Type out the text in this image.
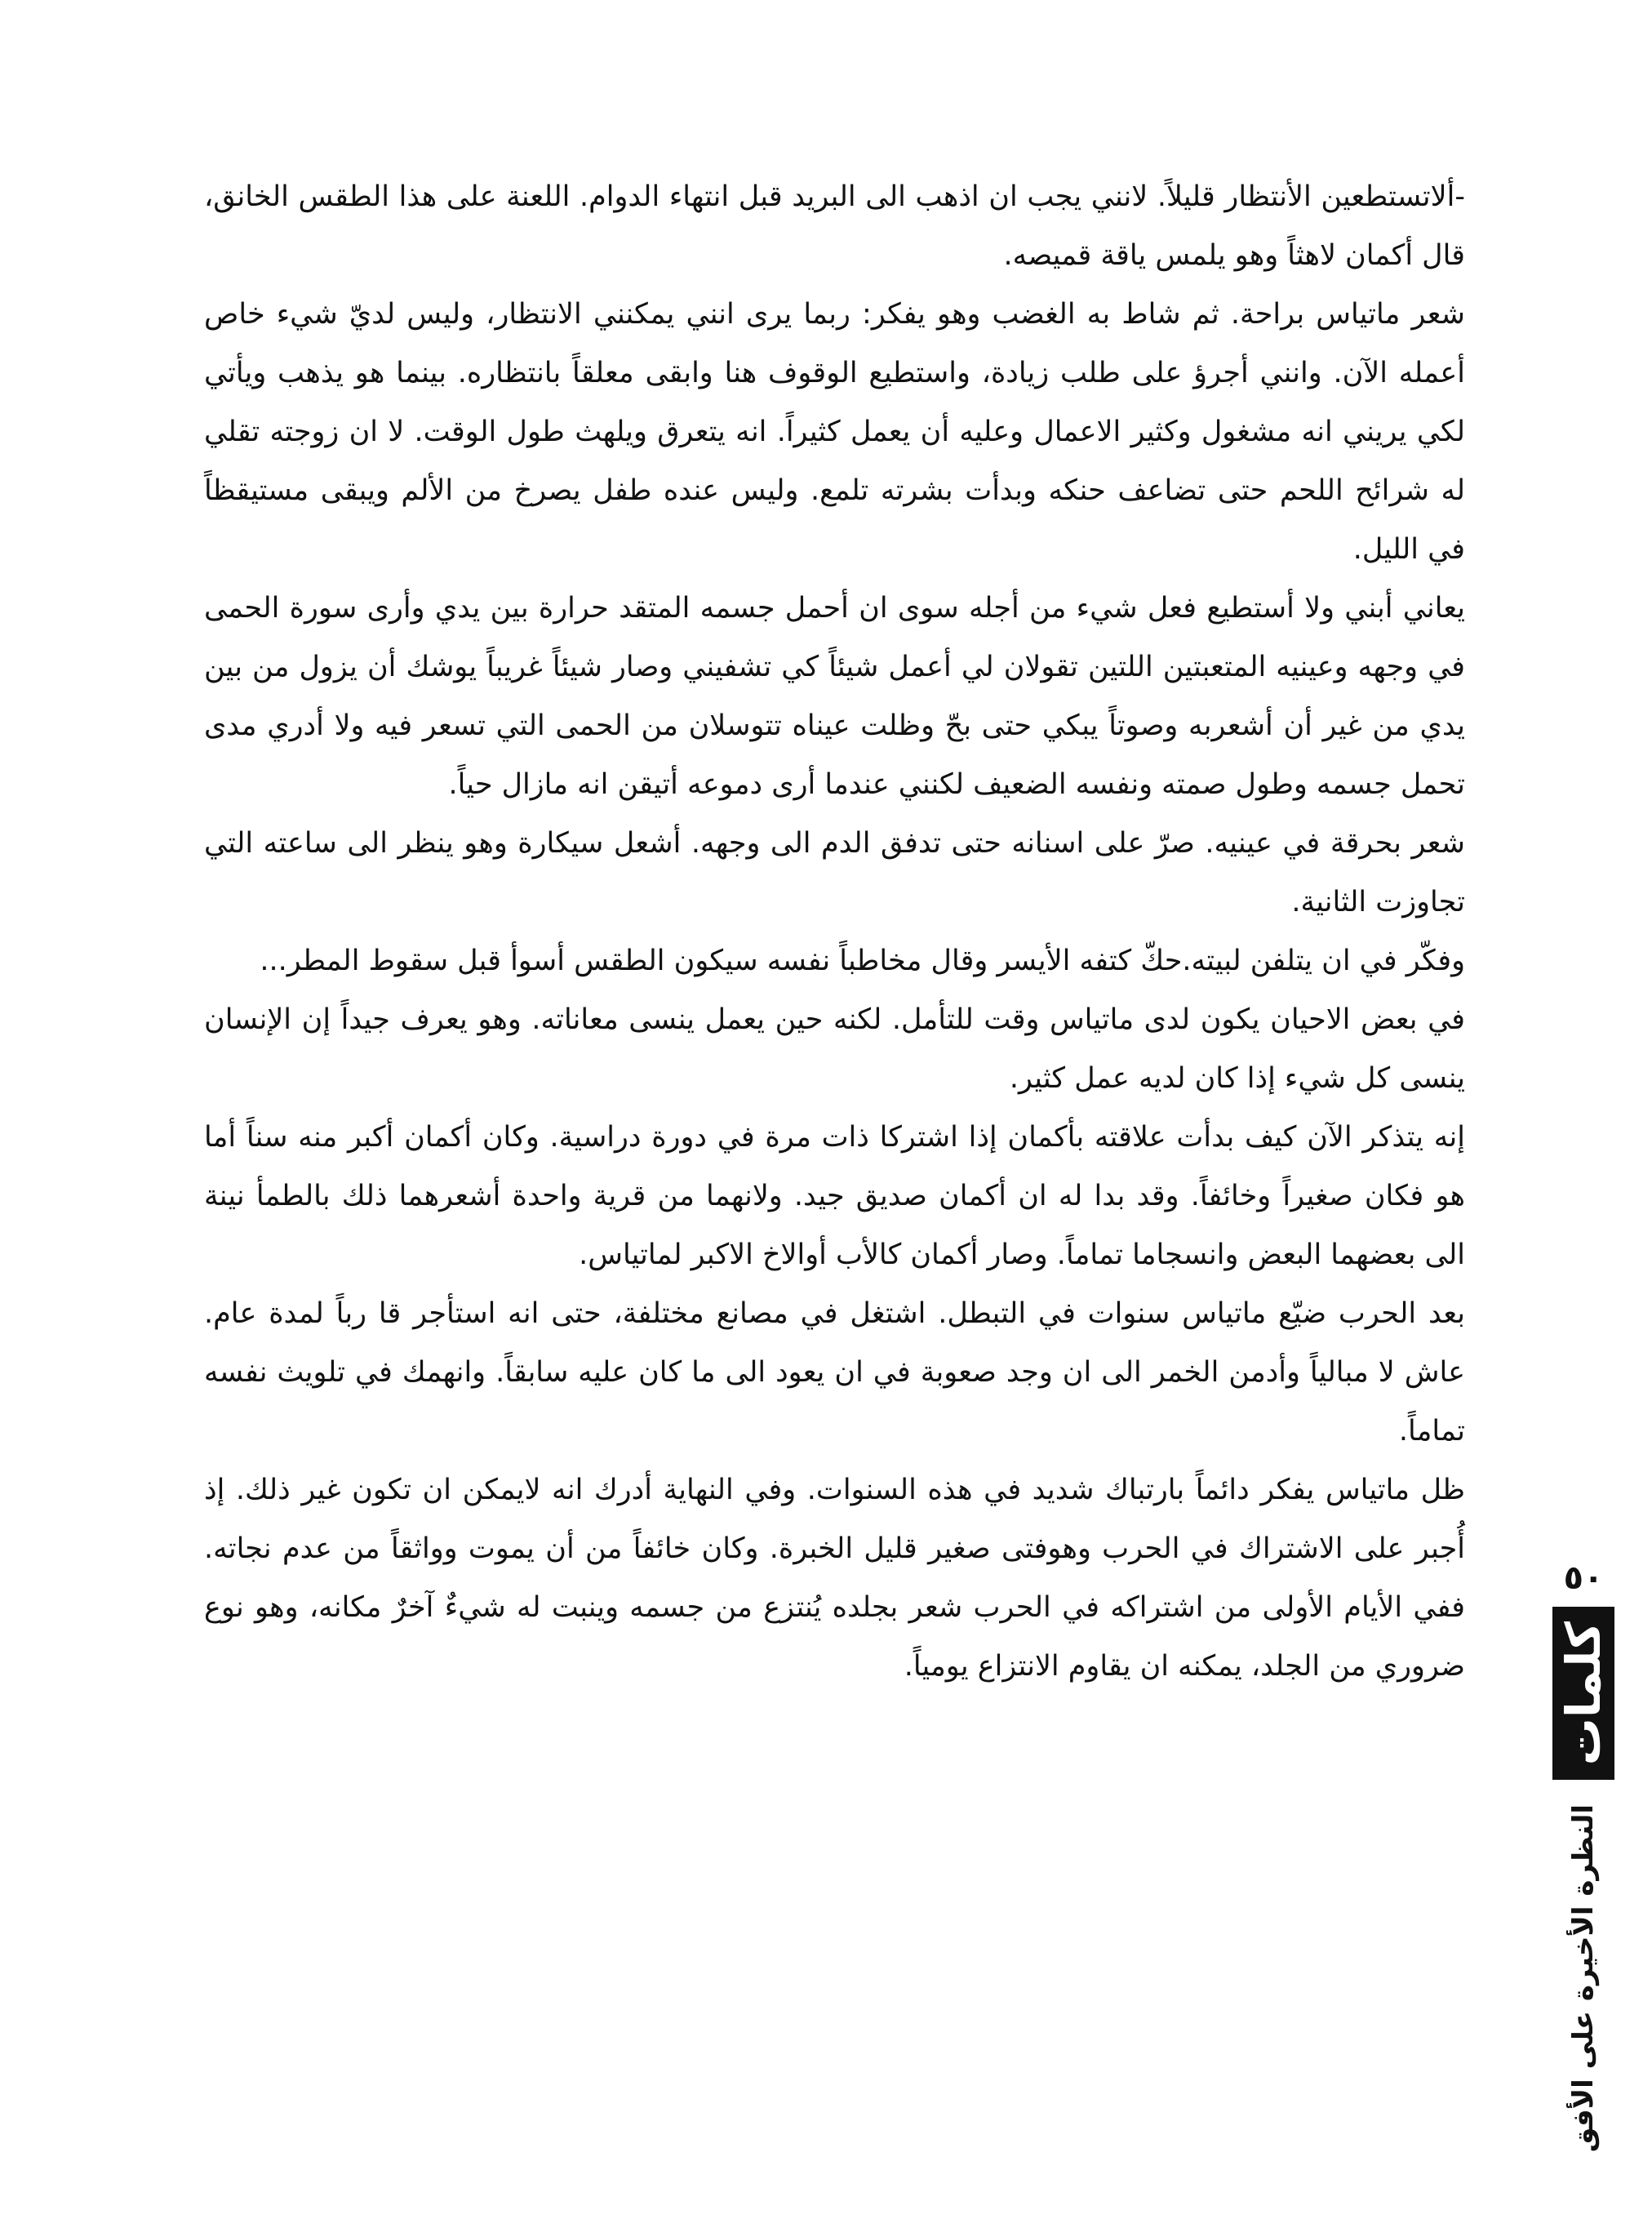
-ألاتستطعين الأنتظار قليلاً. لانني يجب ان اذهب الى البريد قبل انتهاء الدوام. اللعنة على هذا الطقس الخانق، قال أكمان لاهثاً وهو يلمس ياقة قميصه.

شعر ماتياس براحة. ثم شاط به الغضب وهو يفكر: ربما يرى انني يمكنني الانتظار، وليس لديّ شيء خاص أعمله الآن. وانني أجرؤ على طلب زيادة، واستطيع الوقوف هنا وابقى معلقاً بانتظاره. بينما هو يذهب ويأتي لكي يريني انه مشغول وكثير الاعمال وعليه أن يعمل كثيراً. انه يتعرق ويلهث طول الوقت. لا ان زوجته تقلي له شرائح اللحم حتى تضاعف حنكه وبدأت بشرته تلمع. وليس عنده طفل يصرخ من الألم ويبقى مستيقظاً في الليل.

يعاني أبني ولا أستطيع فعل شيء من أجله سوى ان أحمل جسمه المتقد حرارة بين يدي وأرى سورة الحمى في وجهه وعينيه المتعبتين اللتين تقولان لي أعمل شيئاً كي تشفيني وصار شيئاً غريباً يوشك أن يزول من بين يدي من غير أن أشعربه وصوتاً يبكي حتى بحّ وظلت عيناه تتوسلان من الحمى التي تسعر فيه ولا أدري مدى تحمل جسمه وطول صمته ونفسه الضعيف لكنني عندما أرى دموعه أتيقن انه مازال حياً.

شعر بحرقة في عينيه. صرّ على اسنانه حتى تدفق الدم الى وجهه. أشعل سيكارة وهو ينظر الى ساعته التي تجاوزت الثانية.

وفكّر في ان يتلفن لبيته.حكّ كتفه الأيسر وقال مخاطباً نفسه سيكون الطقس أسوأ قبل سقوط المطر...

في بعض الاحيان يكون لدى ماتياس وقت للتأمل. لكنه حين يعمل ينسى معاناته. وهو يعرف جيداً إن الإنسان ينسى كل شيء إذا كان لديه عمل كثير.

إنه يتذكر الآن كيف بدأت علاقته بأكمان إذا اشتركا ذات مرة في دورة دراسية. وكان أكمان أكبر منه سناً أما هو فكان صغيراً وخائفاً. وقد بدا له ان أكمان صديق جيد. ولانهما من قرية واحدة أشعرهما ذلك بالطمأ نينة الى بعضهما البعض وانسجاما تماماً. وصار أكمان كالأب أوالاخ الاكبر لماتياس.

بعد الحرب ضيّع ماتياس سنوات في التبطل. اشتغل في مصانع مختلفة، حتى انه استأجر قا رباً لمدة عام. عاش لا مبالياً وأدمن الخمر الى ان وجد صعوبة في ان يعود الى ما كان عليه سابقاً. وانهمك في تلويث نفسه تماماً.

ظل ماتياس يفكر دائماً بارتباك شديد في هذه السنوات. وفي النهاية أدرك انه لايمكن ان تكون غير ذلك. إذ أُجبر على الاشتراك في الحرب وهوفتى صغير قليل الخبرة. وكان خائفاً من أن يموت وواثقاً من عدم نجاته. ففي الأيام الأولى من اشتراكه في الحرب شعر بجلده يُنتزع من جسمه وينبت له شيءٌ آخرٌ مكانه، وهو نوع ضروري من الجلد، يمكنه ان يقاوم الانتزاع يومياً.

٥٠
كلمات
النظرة الأخيرة على الأفق
